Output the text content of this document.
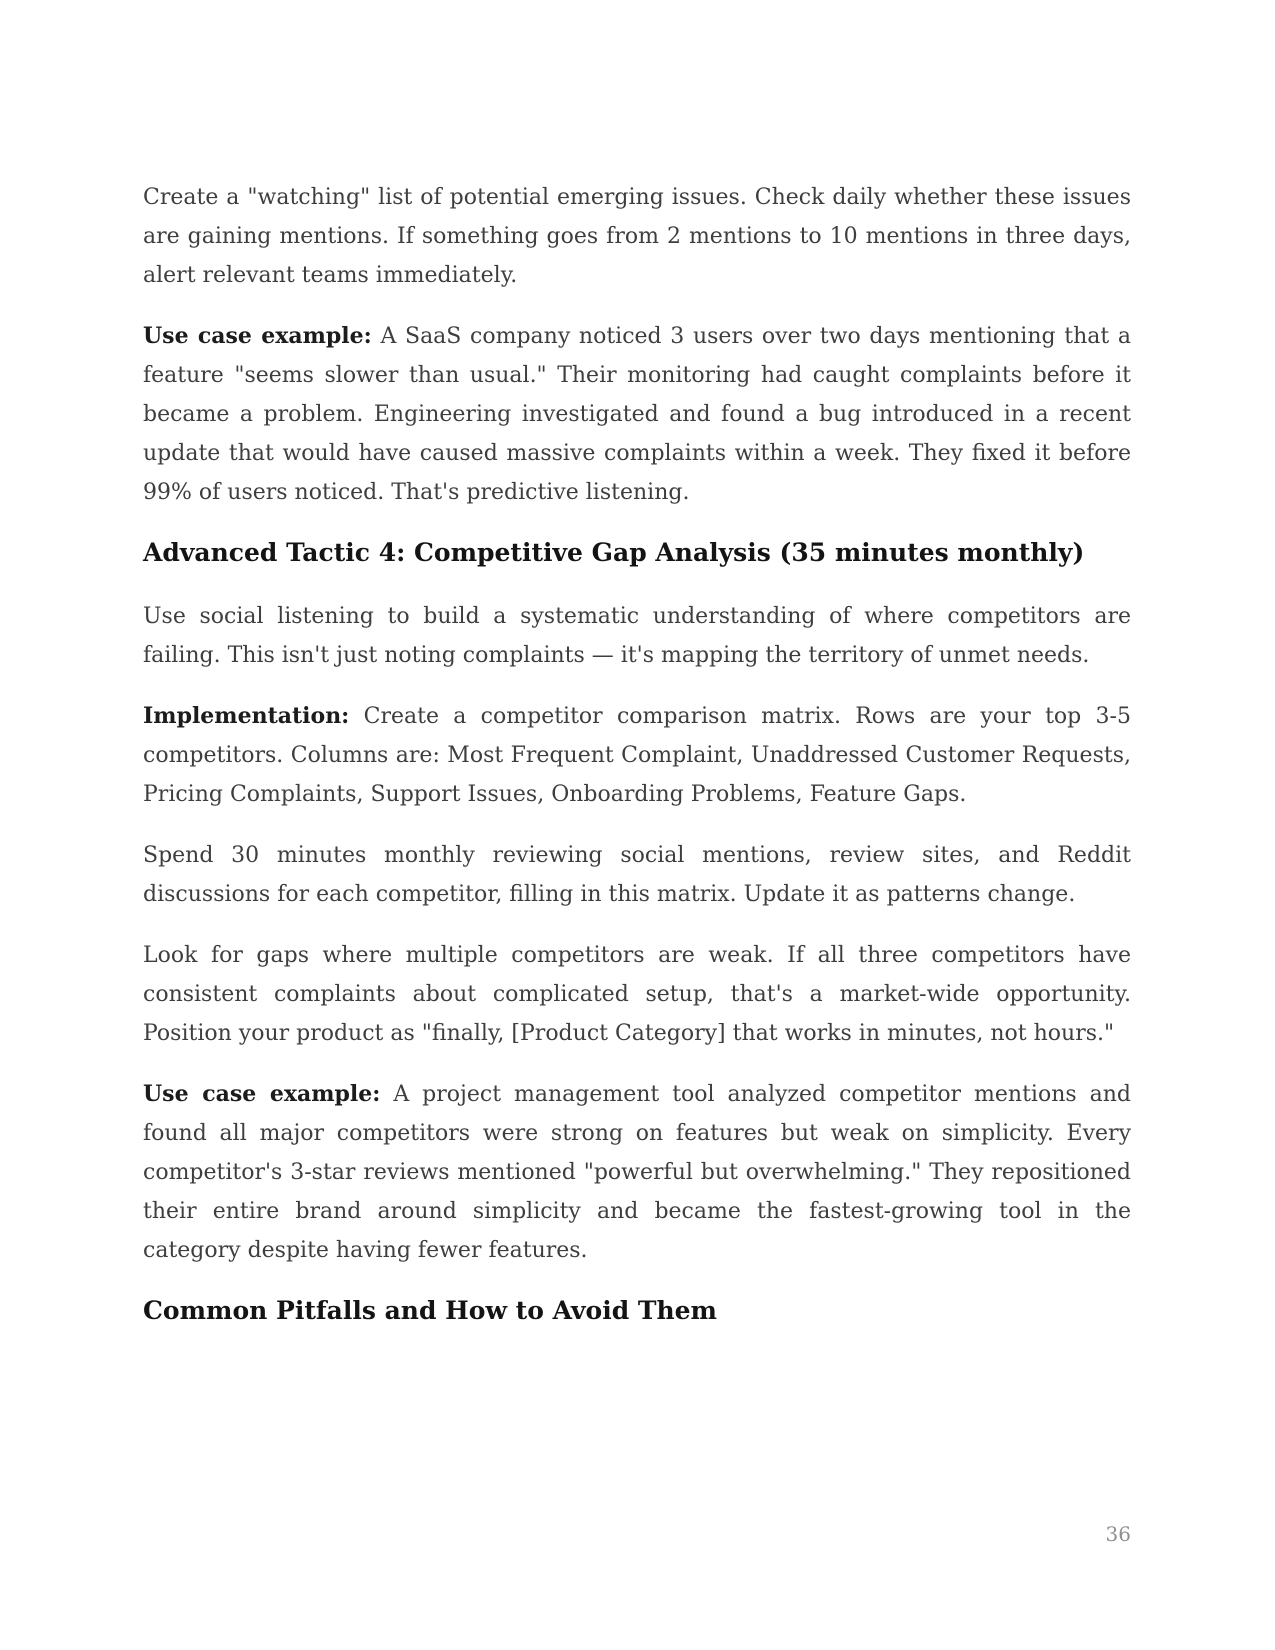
Create a "watching" list of potential emerging issues. Check daily whether these issues are gaining mentions. If something goes from 2 mentions to 10 mentions in three days, alert relevant teams immediately.

Use case example: A SaaS company noticed 3 users over two days mentioning that a feature "seems slower than usual." Their monitoring had caught complaints before it became a problem. Engineering investigated and found a bug introduced in a recent update that would have caused massive complaints within a week. They fixed it before 99% of users noticed. That's predictive listening.

Advanced Tactic 4: Competitive Gap Analysis (35 minutes monthly)

Use social listening to build a systematic understanding of where competitors are failing. This isn't just noting complaints — it's mapping the territory of unmet needs.

Implementation: Create a competitor comparison matrix. Rows are your top 3-5 competitors. Columns are: Most Frequent Complaint, Unaddressed Customer Requests, Pricing Complaints, Support Issues, Onboarding Problems, Feature Gaps.

Spend 30 minutes monthly reviewing social mentions, review sites, and Reddit discussions for each competitor, filling in this matrix. Update it as patterns change.

Look for gaps where multiple competitors are weak. If all three competitors have consistent complaints about complicated setup, that's a market-wide opportunity. Position your product as "finally, [Product Category] that works in minutes, not hours."

Use case example: A project management tool analyzed competitor mentions and found all major competitors were strong on features but weak on simplicity. Every competitor's 3-star reviews mentioned "powerful but overwhelming." They repositioned their entire brand around simplicity and became the fastest-growing tool in the category despite having fewer features.

Common Pitfalls and How to Avoid Them
36
